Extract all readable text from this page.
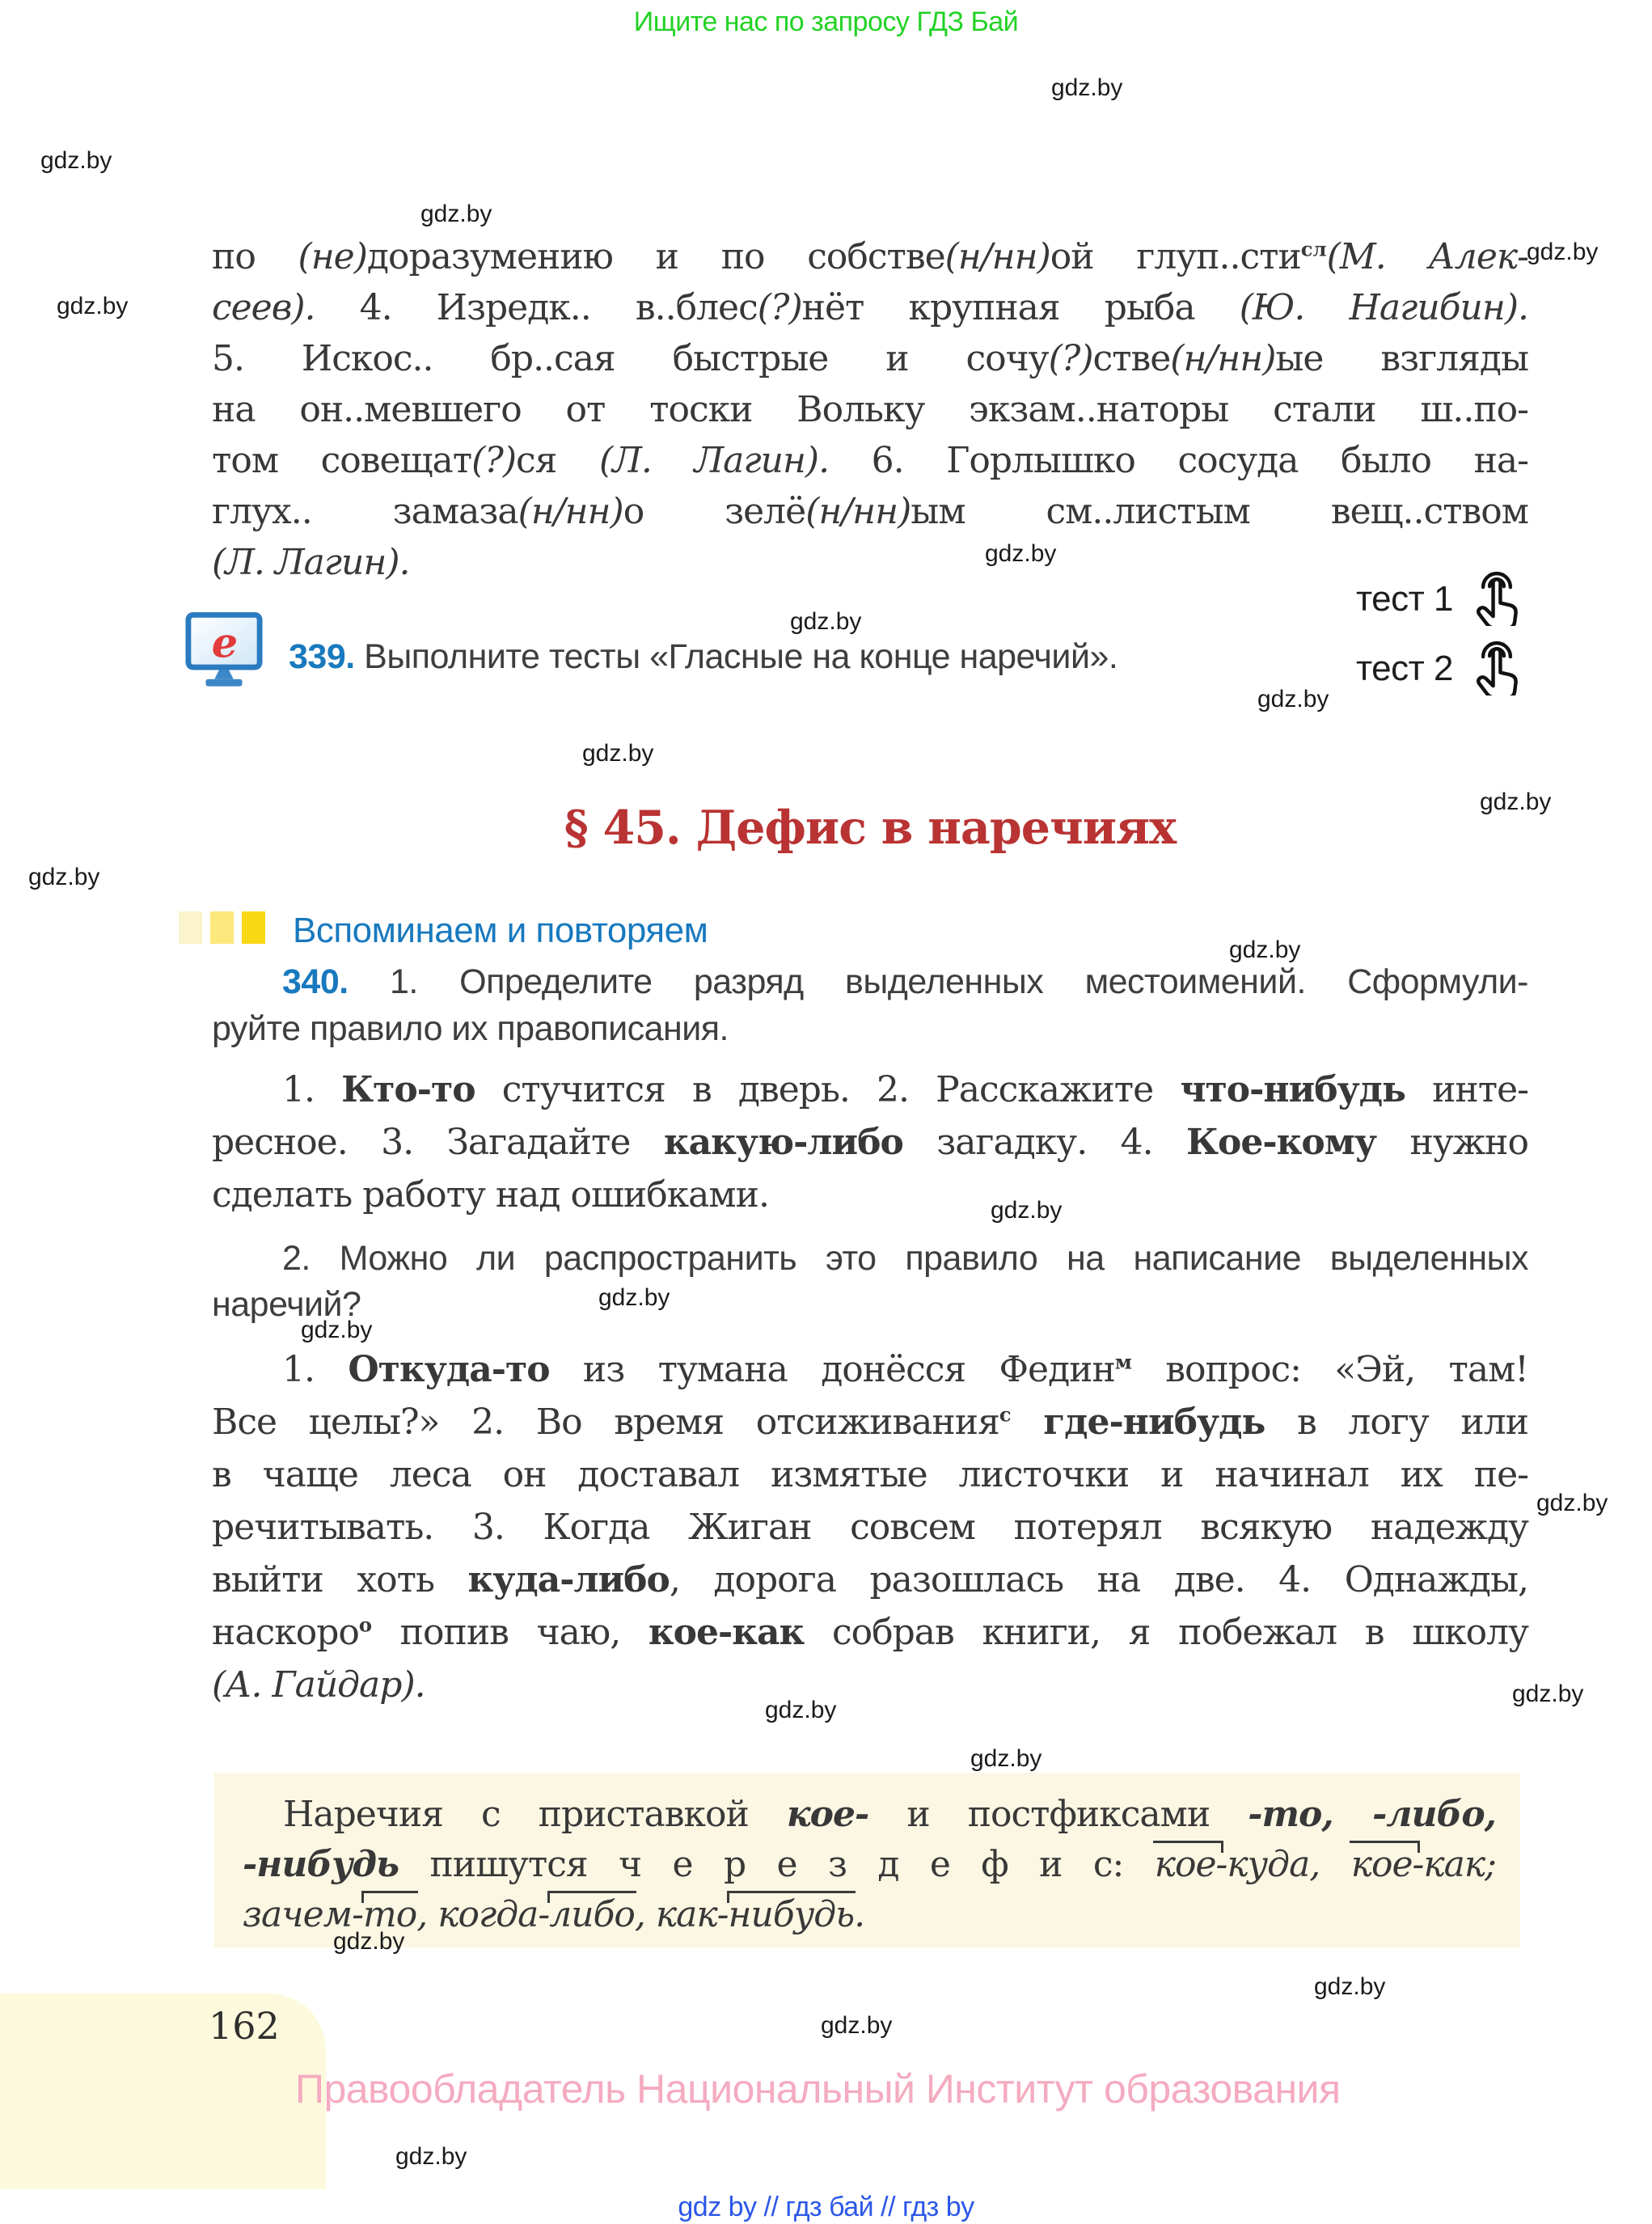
Ищите нас по запросу ГДЗ Бай
по (не)доразумению и по собстве(н/нн)ой глуп..сти$^{сл}$(М. Алек-
сеев). 4. Изредк.. в..блес(?)нёт крупная рыба (Ю. Нагибин).
5. Искос.. бр..сая быстрые и сочу(?)стве(н/нн)ые взгляды
на он..мевшего от тоски Вольку экзам..наторы стали ш..по-
том совещат(?)ся (Л. Лагин). 6. Горлышко сосуда было на-
глух.. замаза(н/нн)о зелё(н/нн)ым см..листым вещ..ством
(Л. Лагин).
339. Выполните тесты «Гласные на конце наречий».
340. 1. Определите разряд выделенных местоимений. Сформули-
руйте правило их правописания.
1. Кто-то стучится в дверь. 2. Расскажите что-нибудь инте-
ресное. 3. Загадайте какую-либо загадку. 4. Кое-кому нужно
сделать работу над ошибками.
2. Можно ли распространить это правило на написание выделенных
наречий?
1. Откуда-то из тумана донёсся Федин$^м$ вопрос: «Эй, там!
Все целы?» 2. Во время отсиживания$^с$ где-нибудь в логу или
в чаще леса он доставал измятые листочки и начинал их пе-
речитывать. 3. Когда Жиган совсем потерял всякую надежду
выйти хоть куда-либо, дорога разошлась на две. 4. Однажды,
наскоро$^о$ попив чаю, кое-как собрав книги, я побежал в школу
(А. Гайдар).
Наречия с приставкой кое- и постфиксами -то, -либо,
-нибудь пишутся ч е р е з д е ф и с: кое-куда, кое-как;
зачем-то, когда-либо, как-нибудь.
gdz.by
gdz.by
gdz.by
gdz.by
gdz.by
gdz.by
gdz.by
gdz.by
gdz.by
gdz.by
gdz.by
gdz.by
gdz.by
gdz.by
gdz.by
gdz.by
gdz.by
gdz.by
gdz.by
gdz.by
gdz.by
gdz.by
gdz.by
e
тест 1
тест 2
§ 45. Дефис в наречиях
Вспоминаем и повторяем
162
Правообладатель Национальный Институт образования
gdz by // гдз бай // гдз by
